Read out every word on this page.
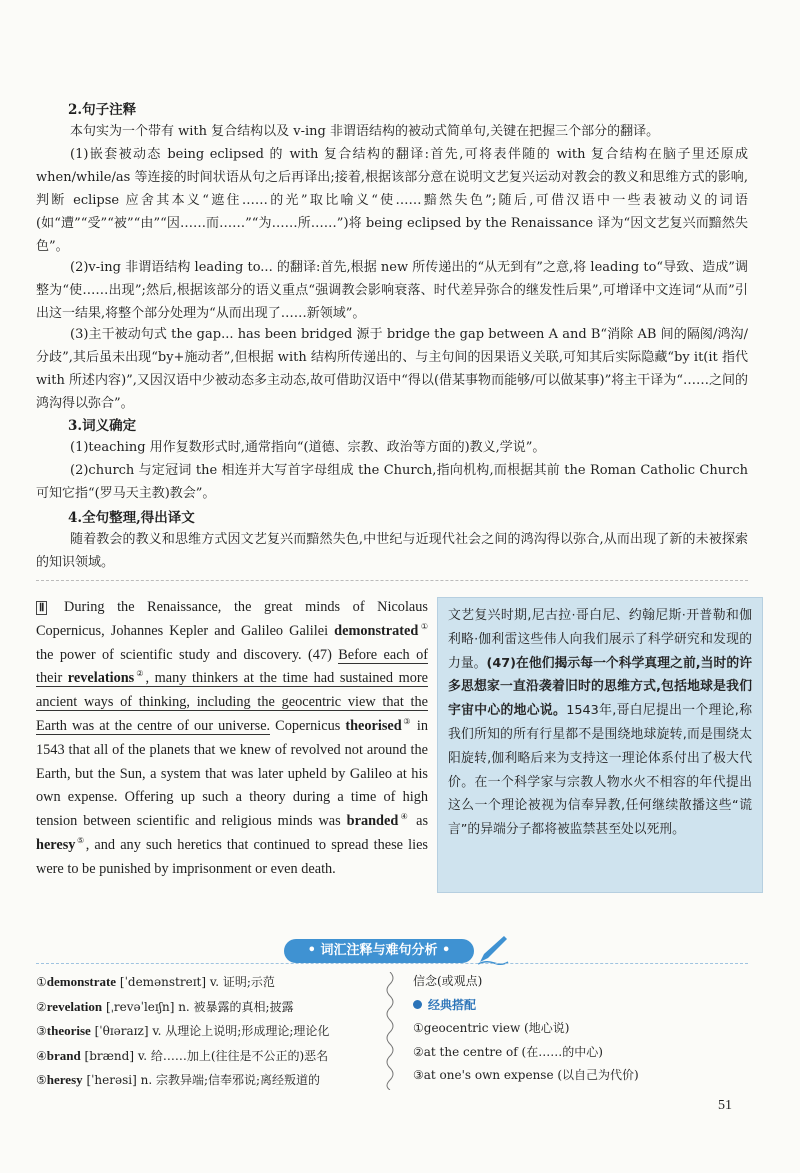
2.句子注释
本句实为一个带有 with 复合结构以及 v-ing 非谓语结构的被动式简单句,关键在把握三个部分的翻译。
(1)嵌套被动态 being eclipsed 的 with 复合结构的翻译:首先,可将表伴随的 with 复合结构在脑子里还原成 when/while/as 等连接的时间状语从句之后再译出;接着,根据该部分意在说明文艺复兴运动对教会的教义和思维方式的影响,判断 eclipse 应舍其本义“遮住……的光”取比喻义“使……黯然失色”;随后,可借汉语中一些表被动义的词语(如“遭”“受”“被”“由”“因……而……”“为……所……”)将 being eclipsed by the Renaissance 译为“因文艺复兴而黯然失色”。
(2)v-ing 非谓语结构 leading to... 的翻译:首先,根据 new 所传递出的“从无到有”之意,将 leading to“导致、造成”调整为“使……出现”;然后,根据该部分的语义重点“强调教会影响衰落、时代差异弥合的继发性后果”,可增译中文连词“从而”引出这一结果,将整个部分处理为“从而出现了……新领域”。
(3)主干被动句式 the gap... has been bridged 源于 bridge the gap between A and B“消除 AB 间的隔阂/鸿沟/分歧”,其后虽未出现“by+施动者”,但根据 with 结构所传递出的、与主句间的因果语义关联,可知其后实际隐藏“by it(it 指代 with 所述内容)”,又因汉语中少被动态多主动态,故可借助汉语中“得以(借某事物而能够/可以做某事)”将主干译为“……之间的鸿沟得以弥合”。
3.词义确定
(1)teaching 用作复数形式时,通常指向“(道德、宗教、政治等方面的)教义,学说”。
(2)church 与定冠词 the 相连并大写首字母组成 the Church,指向机构,而根据其前 the Roman Catholic Church 可知它指“(罗马天主教)教会”。
4.全句整理,得出译文
随着教会的教义和思维方式因文艺复兴而黯然失色,中世纪与近现代社会之间的鸿沟得以弥合,从而出现了新的未被探索的知识领域。
Ⅱ During the Renaissance, the great minds of Nicolaus Copernicus, Johannes Kepler and Galileo Galilei demonstrated① the power of scientific study and discovery. (47) Before each of their revelations②, many thinkers at the time had sustained more ancient ways of thinking, including the geocentric view that the Earth was at the centre of our universe. Copernicus theorised③ in 1543 that all of the planets that we knew of revolved not around the Earth, but the Sun, a system that was later upheld by Galileo at his own expense. Offering up such a theory during a time of high tension between scientific and religious minds was branded④ as heresy⑤, and any such heretics that continued to spread these lies were to be punished by imprisonment or even death.
文艺复兴时期,尼古拉·哥白尼、约翰尼斯·开普勒和伽利略·伽利雷这些伟人向我们展示了科学研究和发现的力量。(47)在他们揭示每一个科学真理之前,当时的许多思想家一直沿袭着旧时的思维方式,包括地球是我们宇宙中心的地心说。1543年,哥白尼提出一个理论,称我们所知的所有行星都不是围绕地球旋转,而是围绕太阳旋转,伽利略后来为支持这一理论体系付出了极大代价。在一个科学家与宗教人物水火不相容的年代提出这么一个理论被视为信奉异教,任何继续散播这些“谎言”的异端分子都将被监禁甚至处以死刑。
• 词汇注释与难句分析 •
①demonstrate [ˈdemənstreɪt] v. 证明;示范
②revelation [ˌrevəˈleɪʃn] n. 被暴露的真相;披露
③theorise [ˈθɪəraɪz] v. 从理论上说明;形成理论;理论化
④brand [brænd] v. 给……加上(往往是不公正的)恶名
⑤heresy [ˈherəsi] n. 宗教异端;信奉邪说;离经叛道的
信念(或观点)
经典搭配
①geocentric view (地心说)
②at the centre of (在……的中心)
③at one's own expense (以自己为代价)
51
